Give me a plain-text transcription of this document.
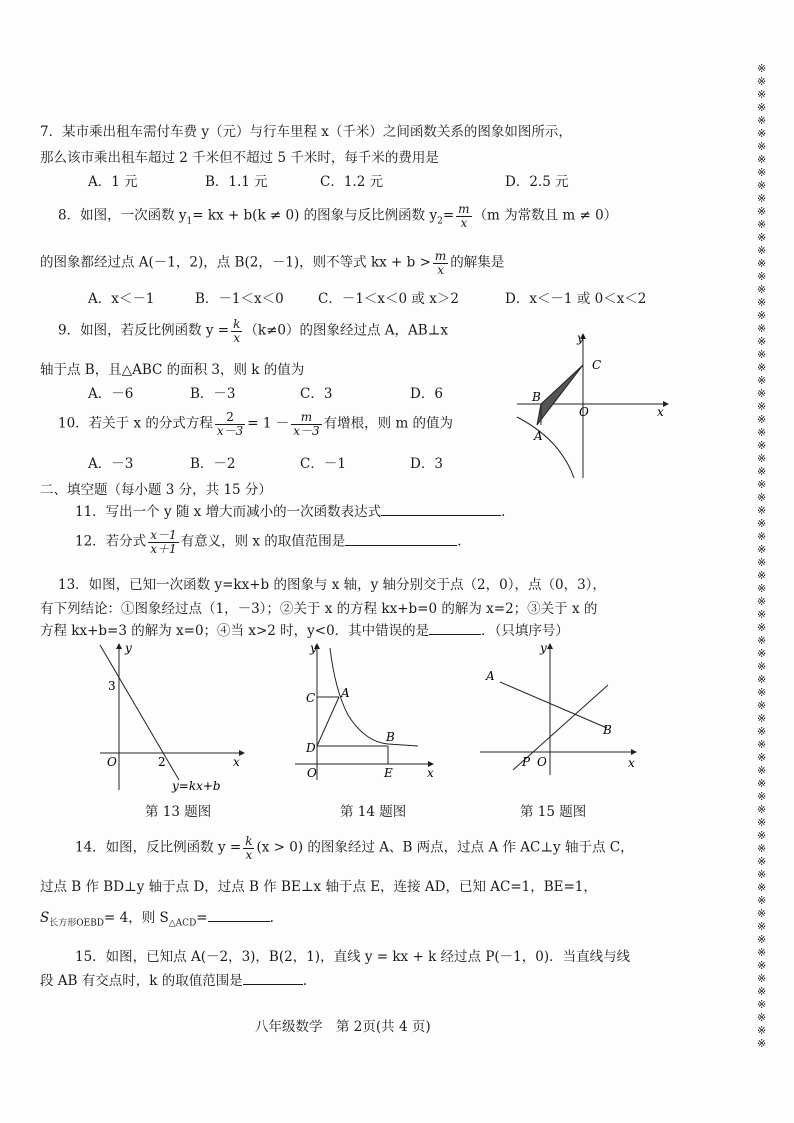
7．某市乘出租车需付车费 y（元）与行车里程 x（千米）之间函数关系的图象如图所示，
那么该市乘出租车超过 2 千米但不超过 5 千米时，每千米的费用是
A．1 元	B．1.1 元	C．1.2 元	D．2.5 元
8．如图，一次函数 $y_1=$ kx + b(k ≠ 0) 的图象与反比例函数 $y_2= \frac{m}{x} (m$ 为常数且 m ≠ 0）
的图象都经过点 A(－1，2)，点 B(2，－1)，则不等式 kx + $b > \frac{m}{x}$ 的解集是
A．x＜－1	B．－1＜x＜0	C．－1＜x＜0 或 x＞2	D．x＜－1 或 0＜x＜2
9．如图，若反比例函数 $y = \frac{k}{x} (k\ne 0)$的图象经过点 A，AB⊥x
轴于点 B，且△ABC 的面积 3，则 k 的值为
A．－6	B．－3	C．3	D．6
y
x
C
B
O
A
10．若关于 x 的分式方程 $\frac{2}{x-3} = 1 - \frac{m}{x-3}$ 有增根，则 m 的值为
A．－3	B．－2	C．－1	D．3
二、填空题（每小题 3 分，共 15 分）
11．写出一个 y 随 x 增大而减小的一次函数表达式	.
12．若分式 $\frac{x-1}{x+1}$ 有意义，则 x 的取值范围是	.
13．如图，已知一次函数 y=kx+b 的图象与 x 轴，y 轴分别交于点（2，0），点（0，3），
有下列结论：①图象经过点（1，－3）；②关于 x 的方程 kx+b=0 的解为 x=2；③关于 x 的
方程 kx+b=3 的解为 x=0；④当 x>2 时，y<0．其中错误的是	．（只填序号）
y
x
O
3
2
y=kx+b
第 13 题图
y
x
O
C A
D
B
E
第 14 题图
y
x
O
P
A
B
第 15 题图
14．如图，反比例函数 $y = \frac{k}{x} (x > 0)$ 的图象经过 A、B 两点，过点 A 作 AC⊥y 轴于点 C，
过点 B 作 BD⊥y 轴于点 D，过点 B 作 BE⊥x 轴于点 E，连接 AD，已知 AC=1，BE=1，
$S_{长方形OEBD}= 4$，则 $S_{\triangle ACD}=$	.
15．如图，已知点 A(－2，3)，B(2，1)，直线 y = kx + k 经过点 P(－1，0)．当直线与线
段 AB 有交点时，k 的取值范围是	.
八年级数学　第 2页(共 4 页)
※※※※※※※※※※※※※※※※※※※※※※※※※※※※※※※※※※※※※※※※※※※※※※※※※※※※※※※※※※※※※※※※※※※※※※※※※※※※
